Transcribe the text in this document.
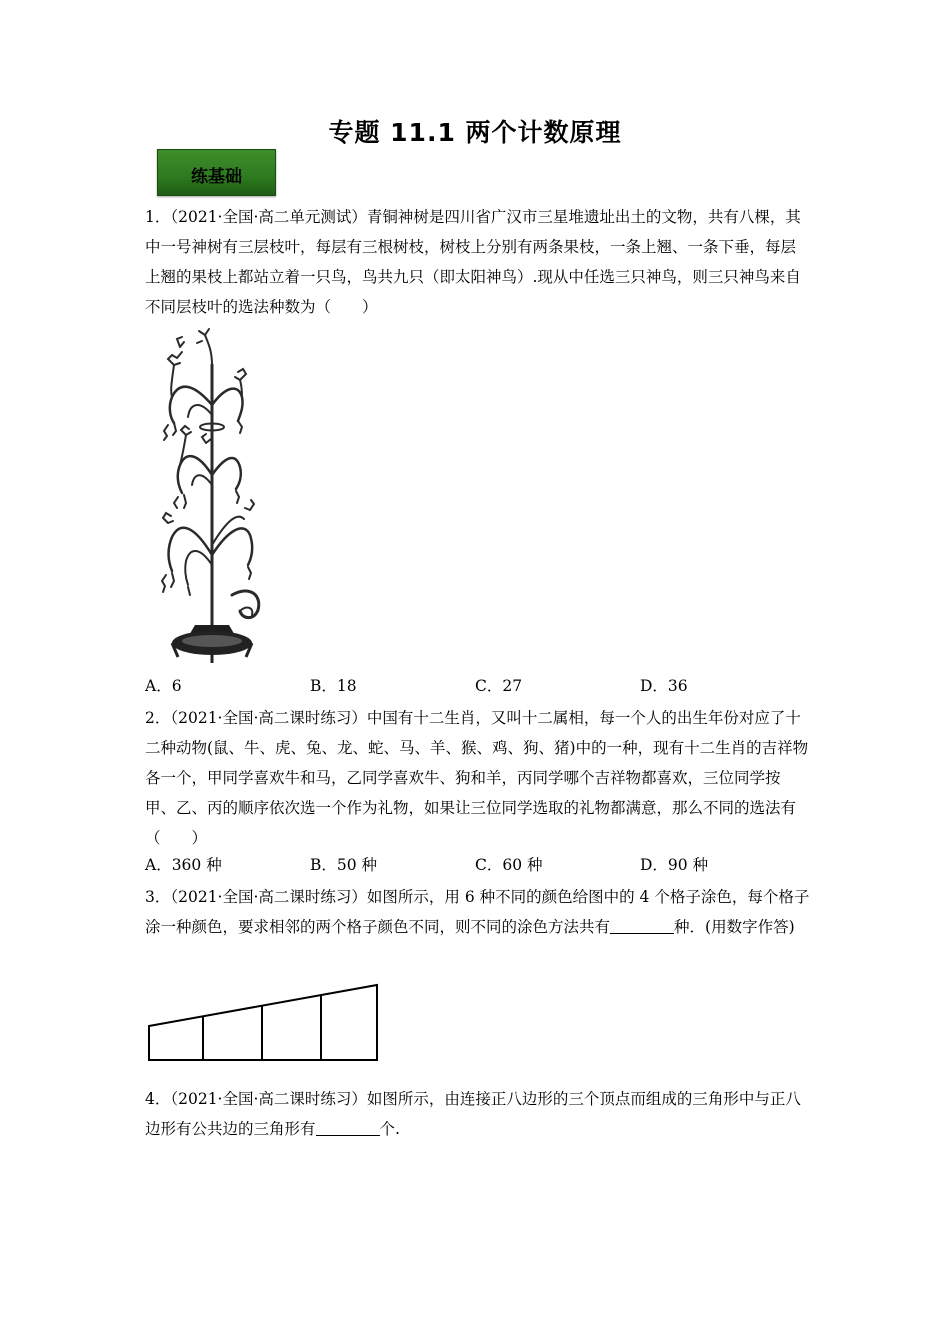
专题 11.1 两个计数原理
练基础
1．（2021·全国·高二单元测试）青铜神树是四川省广汉市三星堆遗址出土的文物，共有八棵，其中一号神树有三层枝叶，每层有三根树枝，树枝上分别有两条果枝，一条上翘、一条下垂，每层上翘的果枝上都站立着一只鸟，鸟共九只（即太阳神鸟）.现从中任选三只神鸟，则三只神鸟来自不同层枝叶的选法种数为（　　）
A．6	B．18	C．27	D．36
2．（2021·全国·高二课时练习）中国有十二生肖，又叫十二属相，每一个人的出生年份对应了十二种动物(鼠、牛、虎、兔、龙、蛇、马、羊、猴、鸡、狗、猪)中的一种，现有十二生肖的吉祥物各一个，甲同学喜欢牛和马，乙同学喜欢牛、狗和羊，丙同学哪个吉祥物都喜欢，三位同学按甲、乙、丙的顺序依次选一个作为礼物，如果让三位同学选取的礼物都满意，那么不同的选法有（　　）
A．360 种	B．50 种	C．60 种	D．90 种
3．（2021·全国·高二课时练习）如图所示，用 6 种不同的颜色给图中的 4 个格子涂色，每个格子涂一种颜色，要求相邻的两个格子颜色不同，则不同的涂色方法共有	种．(用数字作答)
4．（2021·全国·高二课时练习）如图所示，由连接正八边形的三个顶点而组成的三角形中与正八边形有公共边的三角形有	个.
